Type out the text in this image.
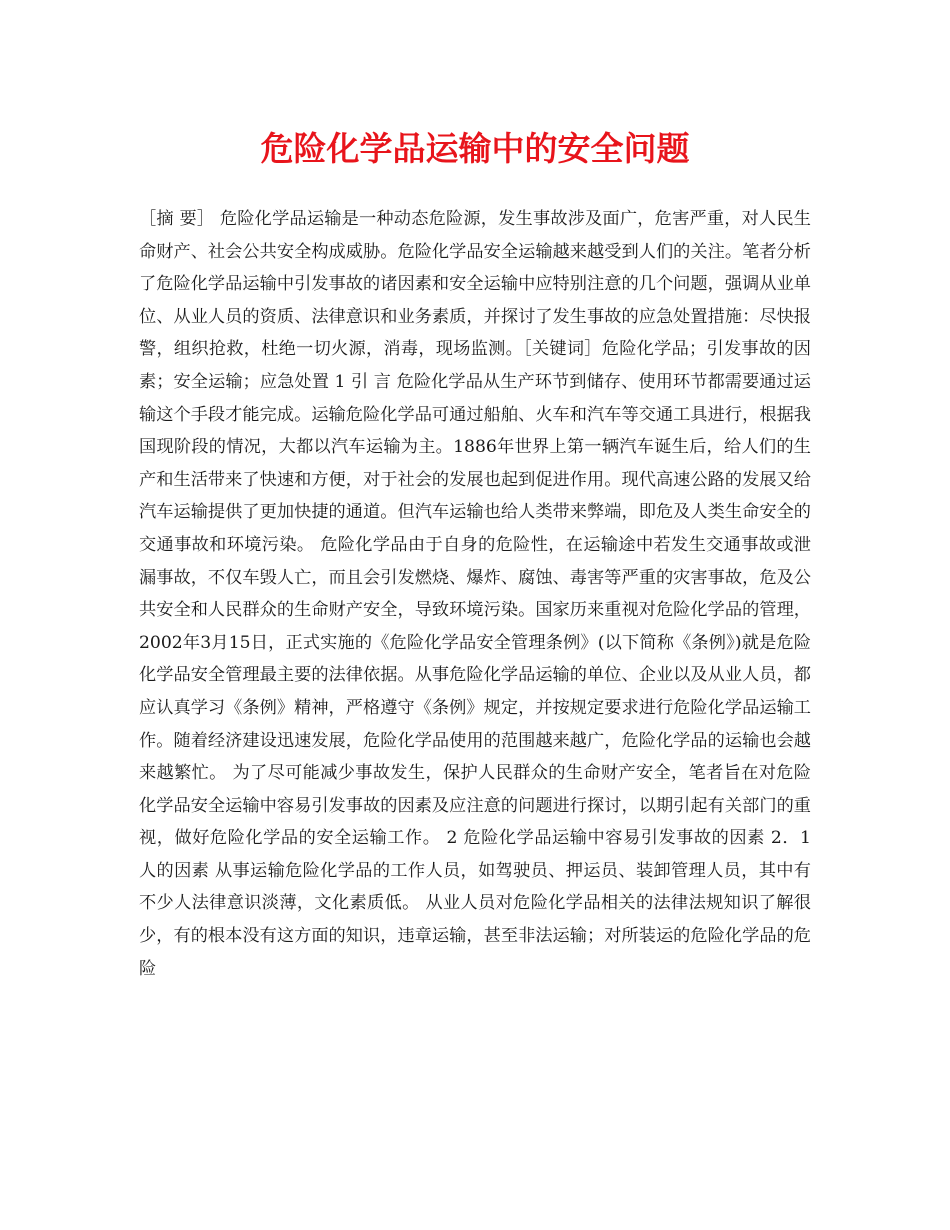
危险化学品运输中的安全问题

［摘 要］ 危险化学品运输是一种动态危险源，发生事故涉及面广，危害严重，对人民生命财产、社会公共安全构成威胁。危险化学品安全运输越来越受到人们的关注。笔者分析了危险化学品运输中引发事故的诸因素和安全运输中应特别注意的几个问题，强调从业单位、从业人员的资质、法律意识和业务素质，并探讨了发生事故的应急处置措施：尽快报警，组织抢救，杜绝一切火源，消毒，现场监测。［关键词］危险化学品；引发事故的因素；安全运输；应急处置 1 引 言 危险化学品从生产环节到储存、使用环节都需要通过运输这个手段才能完成。运输危险化学品可通过船舶、火车和汽车等交通工具进行，根据我国现阶段的情况，大都以汽车运输为主。1886年世界上第一辆汽车诞生后，给人们的生产和生活带来了快速和方便，对于社会的发展也起到促进作用。现代高速公路的发展又给汽车运输提供了更加快捷的通道。但汽车运输也给人类带来弊端，即危及人类生命安全的交通事故和环境污染。 危险化学品由于自身的危险性，在运输途中若发生交通事故或泄漏事故，不仅车毁人亡，而且会引发燃烧、爆炸、腐蚀、毒害等严重的灾害事故，危及公共安全和人民群众的生命财产安全，导致环境污染。国家历来重视对危险化学品的管理，2002年3月15日，正式实施的《危险化学品安全管理条例》(以下简称《条例》)就是危险化学品安全管理最主要的法律依据。从事危险化学品运输的单位、企业以及从业人员，都应认真学习《条例》精神，严格遵守《条例》规定，并按规定要求进行危险化学品运输工作。随着经济建设迅速发展，危险化学品使用的范围越来越广，危险化学品的运输也会越来越繁忙。 为了尽可能减少事故发生，保护人民群众的生命财产安全，笔者旨在对危险化学品安全运输中容易引发事故的因素及应注意的问题进行探讨，以期引起有关部门的重视，做好危险化学品的安全运输工作。 2 危险化学品运输中容易引发事故的因素 2．1 人的因素 从事运输危险化学品的工作人员，如驾驶员、押运员、装卸管理人员，其中有不少人法律意识淡薄，文化素质低。 从业人员对危险化学品相关的法律法规知识了解很少，有的根本没有这方面的知识，违章运输，甚至非法运输；对所装运的危险化学品的危险
